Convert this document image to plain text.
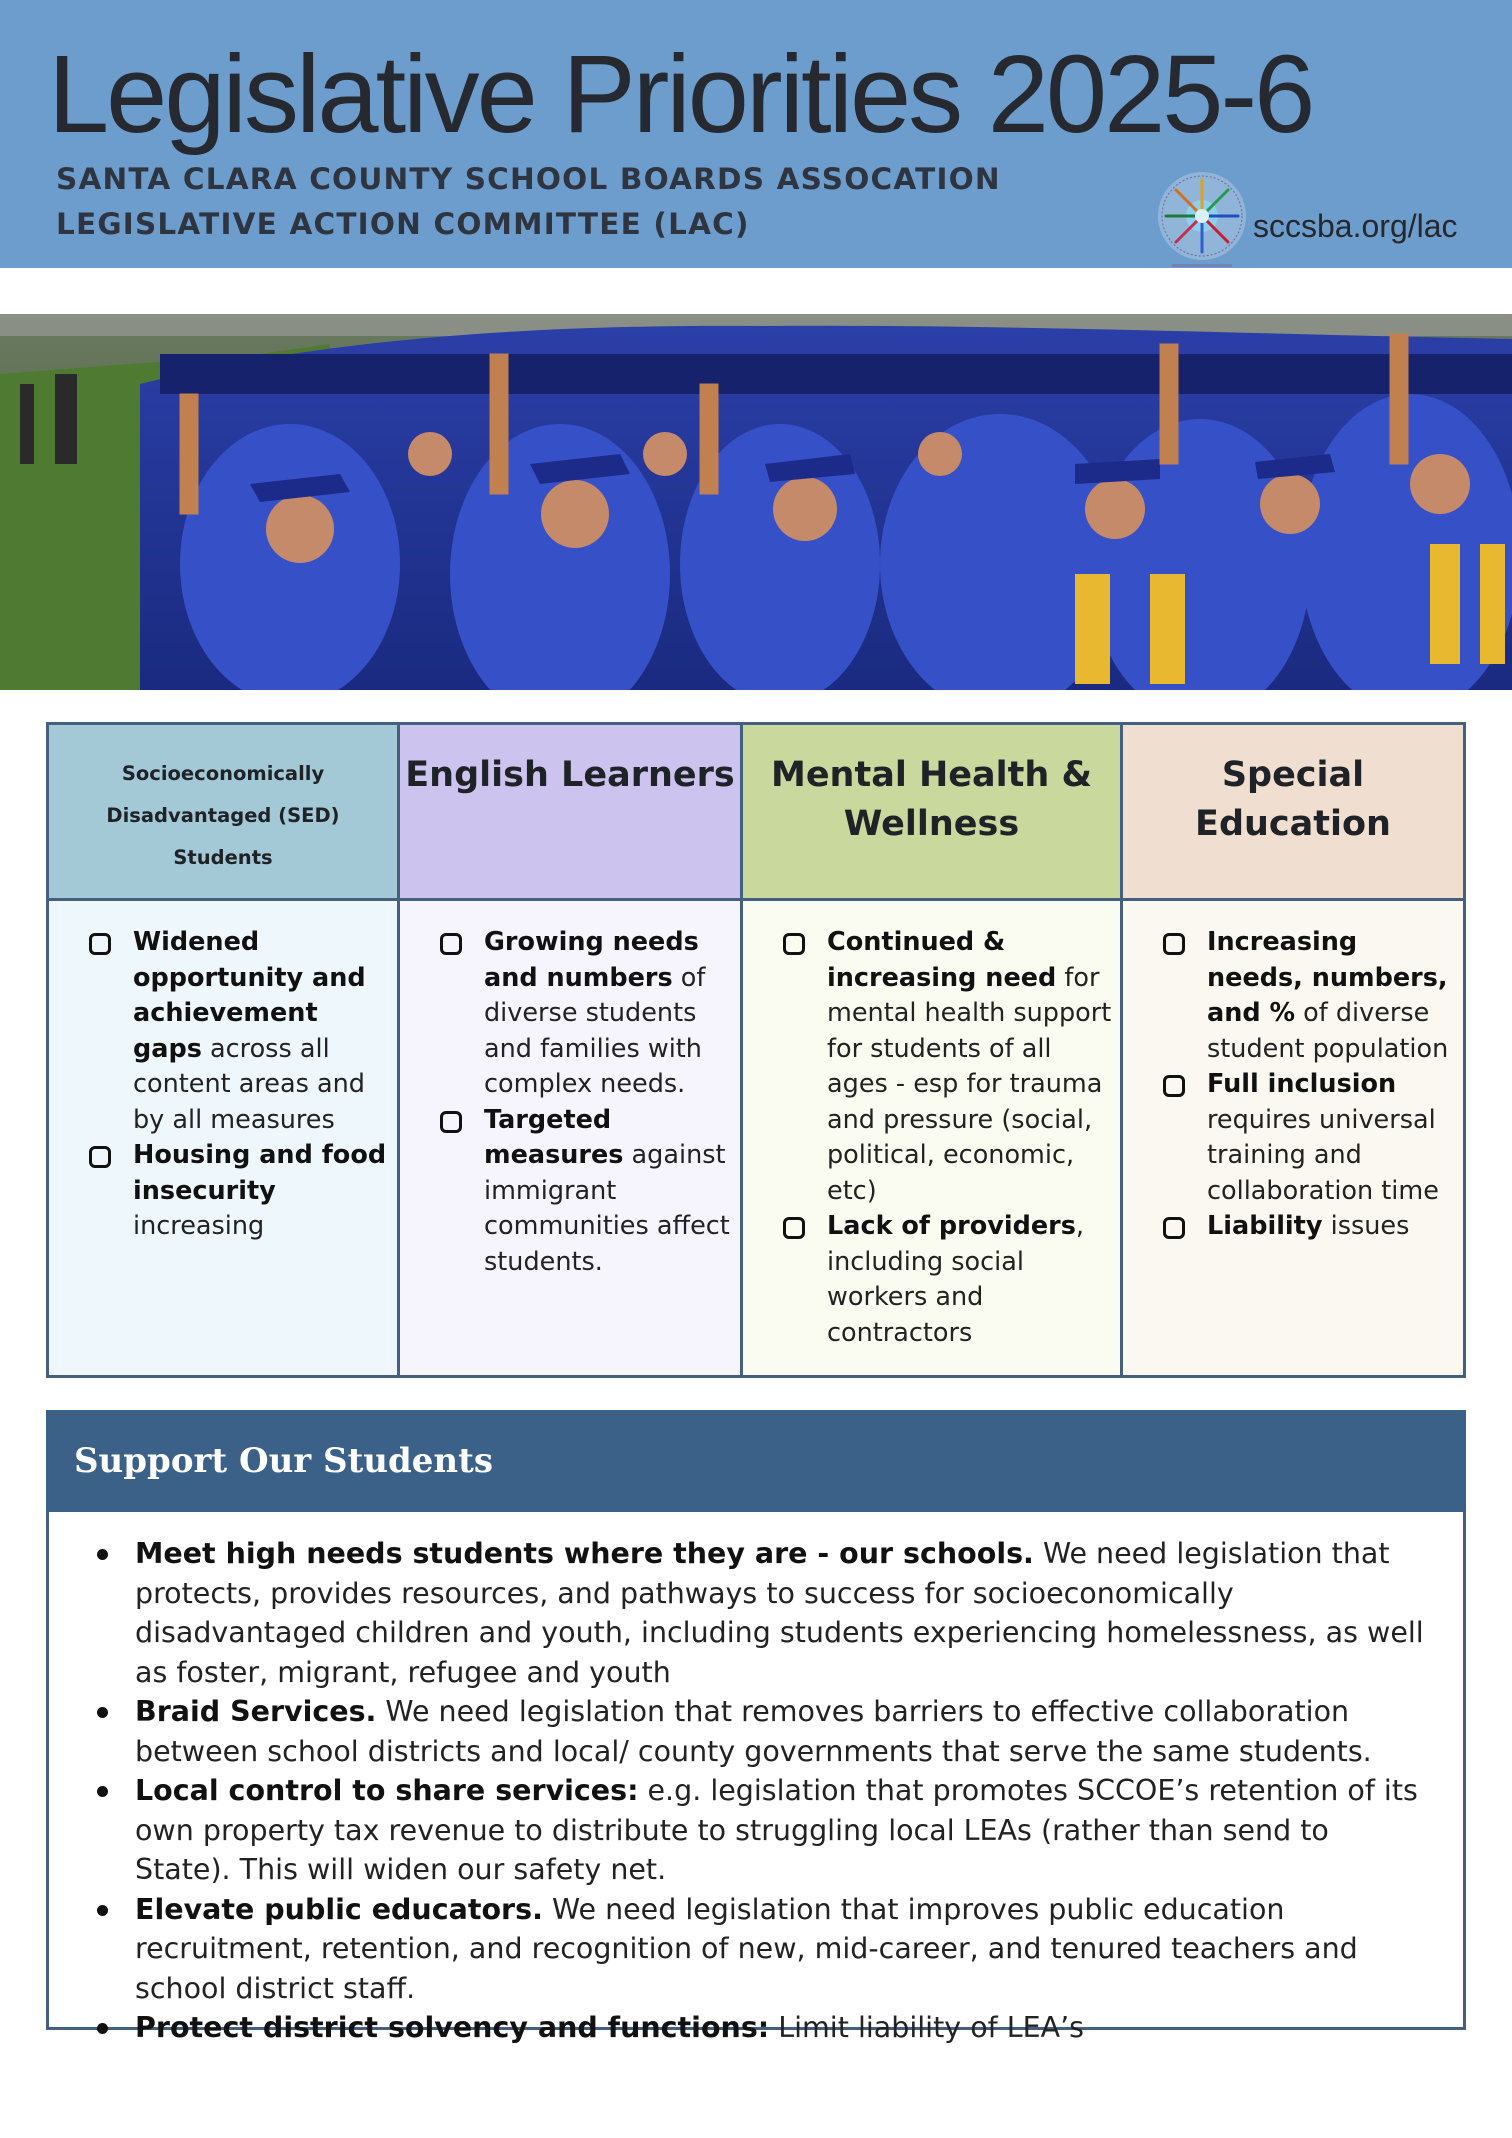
Legislative Priorities 2025-6
SANTA CLARA COUNTY SCHOOL BOARDS ASSOCATION
LEGISLATIVE ACTION COMMITTEE (LAC)	sccsba.org/lac
Socioeconomically
Disadvantaged (SED)
Students
Widened opportunity and achievement gaps across all content areas and by all measures
Housing and food insecurity increasing
English Learners
Growing needs and numbers of diverse students and families with complex needs.
Targeted measures against immigrant communities affect students.
Mental Health &
Wellness
Continued & increasing need for mental health support for students of all ages - esp for trauma and pressure (social, political, economic, etc)
Lack of providers, including social workers and contractors
Special
Education
Increasing needs, numbers, and % of diverse student population
Full inclusion requires universal training and collaboration time
Liability issues
Support Our Students
Meet high needs students where they are - our schools. We need legislation that protects, provides resources, and pathways to success for socioeconomically disadvantaged children and youth, including students experiencing homelessness, as well as foster, migrant, refugee and youth
Braid Services. We need legislation that removes barriers to effective collaboration between school districts and local/ county governments that serve the same students.
Local control to share services: e.g. legislation that promotes SCCOE’s retention of its own property tax revenue to distribute to struggling local LEAs (rather than send to State). This will widen our safety net.
Elevate public educators. We need legislation that improves public education recruitment, retention, and recognition of new, mid-career, and tenured teachers and school district staff.
Protect district solvency and functions: Limit liability of LEA’s
